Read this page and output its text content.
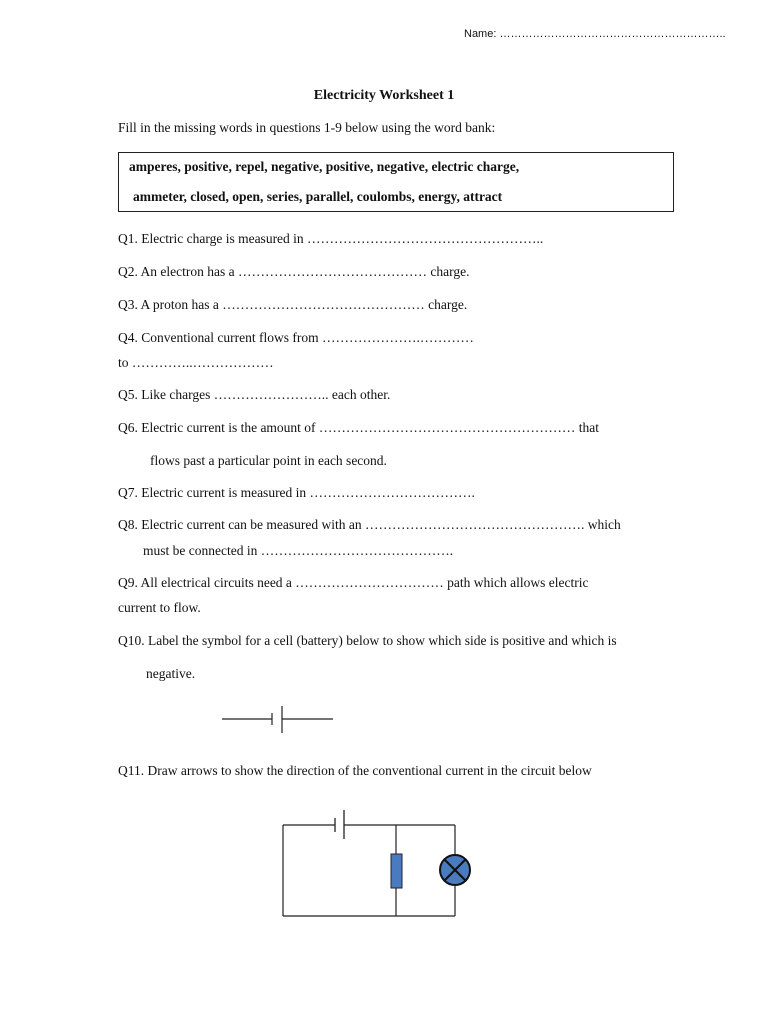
Name: ……………………………………………………..
Electricity Worksheet 1
Fill in the missing words in questions 1-9 below using the word bank:
amperes, positive, repel, negative, positive, negative, electric charge,
ammeter, closed, open, series, parallel, coulombs, energy, attract
Q1. Electric charge is measured in ……………………………………………..
Q2. An electron has a …………………………………… charge.
Q3. A proton has a ……………………………………… charge.
Q4. Conventional current flows from ………………….…………
to …………..………………
Q5. Like charges …………………….. each other.
Q6. Electric current is the amount of ………………………………………………… that
flows past a particular point in each second.
Q7. Electric current is measured in ……………………………….
Q8. Electric current can be measured with an …………………………………………. which
must be connected in …………………………………….
Q9. All electrical circuits need a …………………………… path which allows electric
current to flow.
Q10. Label the symbol for a cell (battery) below to show which side is positive and which is
negative.
Q11. Draw arrows to show the direction of the conventional current in the circuit below
